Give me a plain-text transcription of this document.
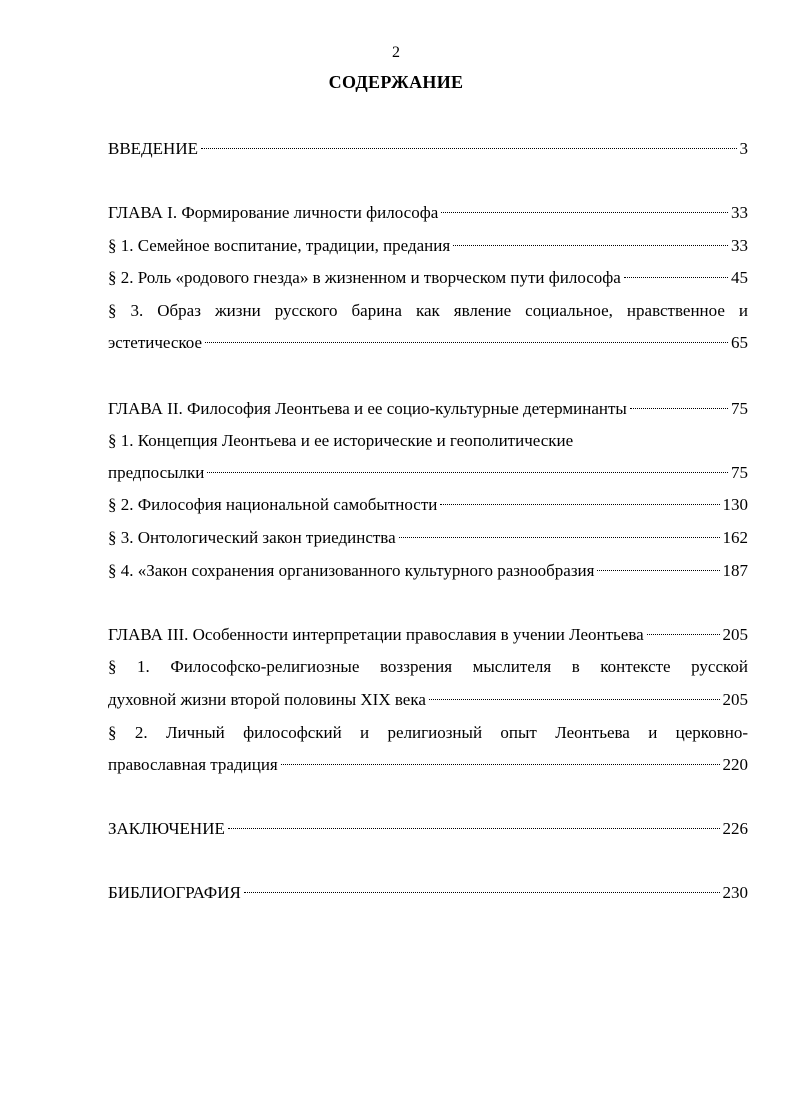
2
СОДЕРЖАНИЕ
ВВЕДЕНИЕ	3
ГЛАВА I. Формирование личности философа	33
§ 1. Семейное воспитание, традиции, предания	33
§ 2. Роль «родового гнезда» в жизненном и творческом пути философа	45
§ 3. Образ жизни русского барина как явление социальное, нравственное и
эстетическое	65
ГЛАВА II. Философия Леонтьева и ее социо-культурные детерминанты	75
§ 1. Концепция Леонтьева и ее исторические и геополитические
предпосылки	75
§ 2. Философия национальной самобытности	130
§ 3. Онтологический закон триединства	162
§ 4. «Закон сохранения организованного культурного разнообразия	187
ГЛАВА III. Особенности интерпретации православия в учении Леонтьева	205
§ 1. Философско-религиозные воззрения мыслителя в контексте русской
духовной жизни второй половины XIX века	205
§ 2. Личный философский и религиозный опыт Леонтьева и церковно-
православная традиция	220
ЗАКЛЮЧЕНИЕ	226
БИБЛИОГРАФИЯ	230
